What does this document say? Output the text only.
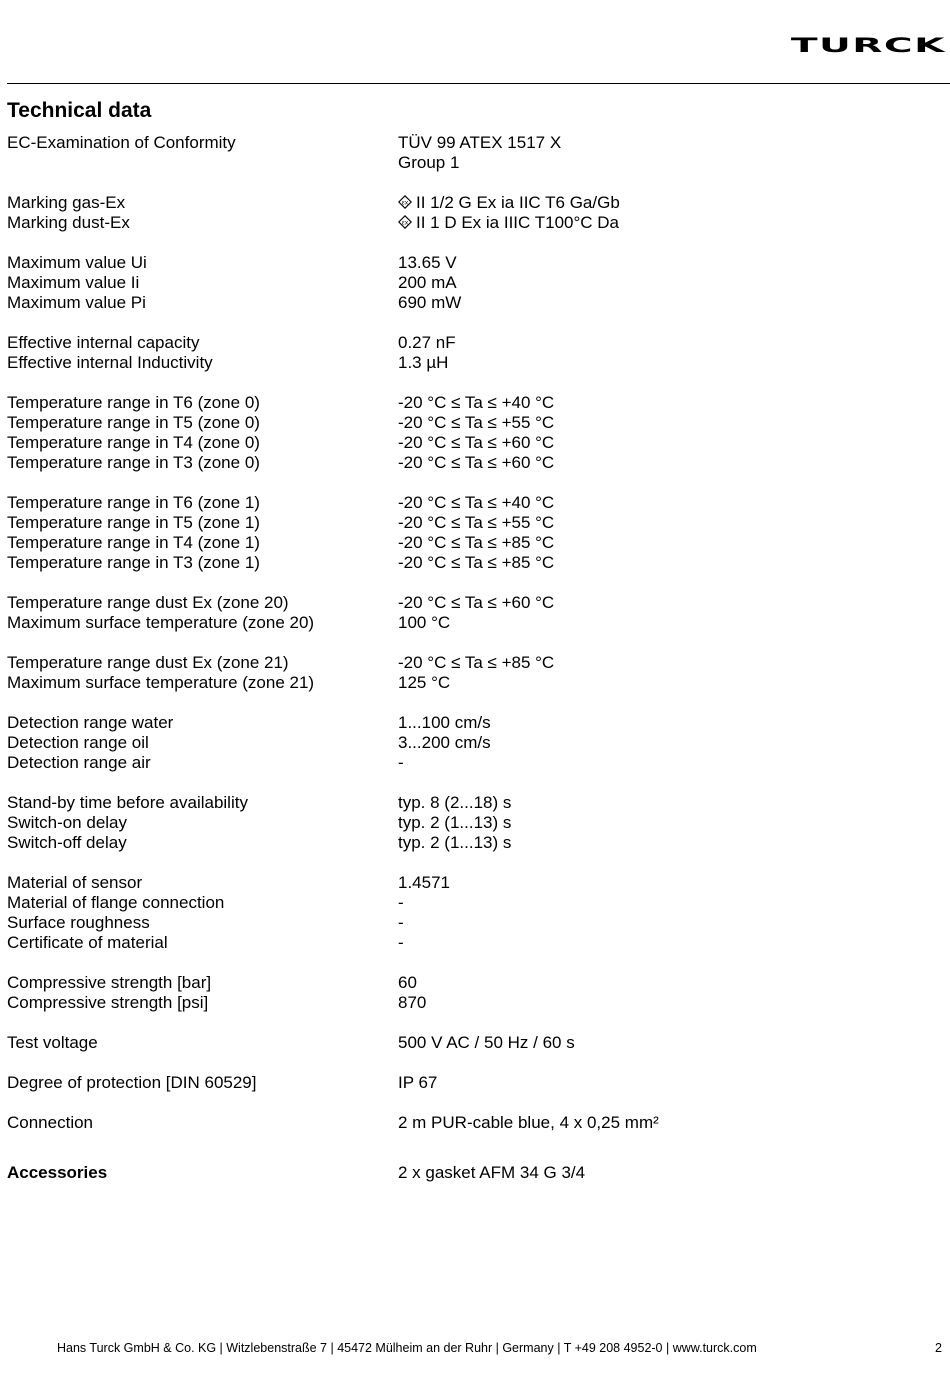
TURCK
Technical data
EC-Examination of Conformity	TÜV 99 ATEX 1517 X
Group 1
Marking gas-Ex	εx II 1/2 G Ex ia IIC T6 Ga/Gb
Marking dust-Ex	εx II 1 D Ex ia IIIC T100°C Da
Maximum value Ui	13.65 V
Maximum value Ii	200 mA
Maximum value Pi	690 mW
Effective internal capacity	0.27 nF
Effective internal Inductivity	1.3 µH
Temperature range in T6 (zone 0)	-20 °C ≤ Ta ≤ +40 °C
Temperature range in T5 (zone 0)	-20 °C ≤ Ta ≤ +55 °C
Temperature range in T4 (zone 0)	-20 °C ≤ Ta ≤ +60 °C
Temperature range in T3 (zone 0)	-20 °C ≤ Ta ≤ +60 °C
Temperature range in T6 (zone 1)	-20 °C ≤ Ta ≤ +40 °C
Temperature range in T5 (zone 1)	-20 °C ≤ Ta ≤ +55 °C
Temperature range in T4 (zone 1)	-20 °C ≤ Ta ≤ +85 °C
Temperature range in T3 (zone 1)	-20 °C ≤ Ta ≤ +85 °C
Temperature range dust Ex (zone 20)	-20 °C ≤ Ta ≤ +60 °C
Maximum surface temperature (zone 20)	100 °C
Temperature range dust Ex (zone 21)	-20 °C ≤ Ta ≤ +85 °C
Maximum surface temperature (zone 21)	125 °C
Detection range water	1...100 cm/s
Detection range oil	3...200 cm/s
Detection range air	-
Stand-by time before availability	typ. 8 (2...18) s
Switch-on delay	typ. 2 (1...13) s
Switch-off delay	typ. 2 (1...13) s
Material of sensor	1.4571
Material of flange connection	-
Surface roughness	-
Certificate of material	-
Compressive strength [bar]	60
Compressive strength [psi]	870
Test voltage	500 V AC / 50 Hz / 60 s
Degree of protection [DIN 60529]	IP 67
Connection	2 m PUR-cable blue, 4 x 0,25 mm²
Accessories	2 x gasket AFM 34 G 3/4
Hans Turck GmbH & Co. KG | Witzlebenstraße 7 | 45472 Mülheim an der Ruhr | Germany | T +49 208 4952-0 | www.turck.com	2
